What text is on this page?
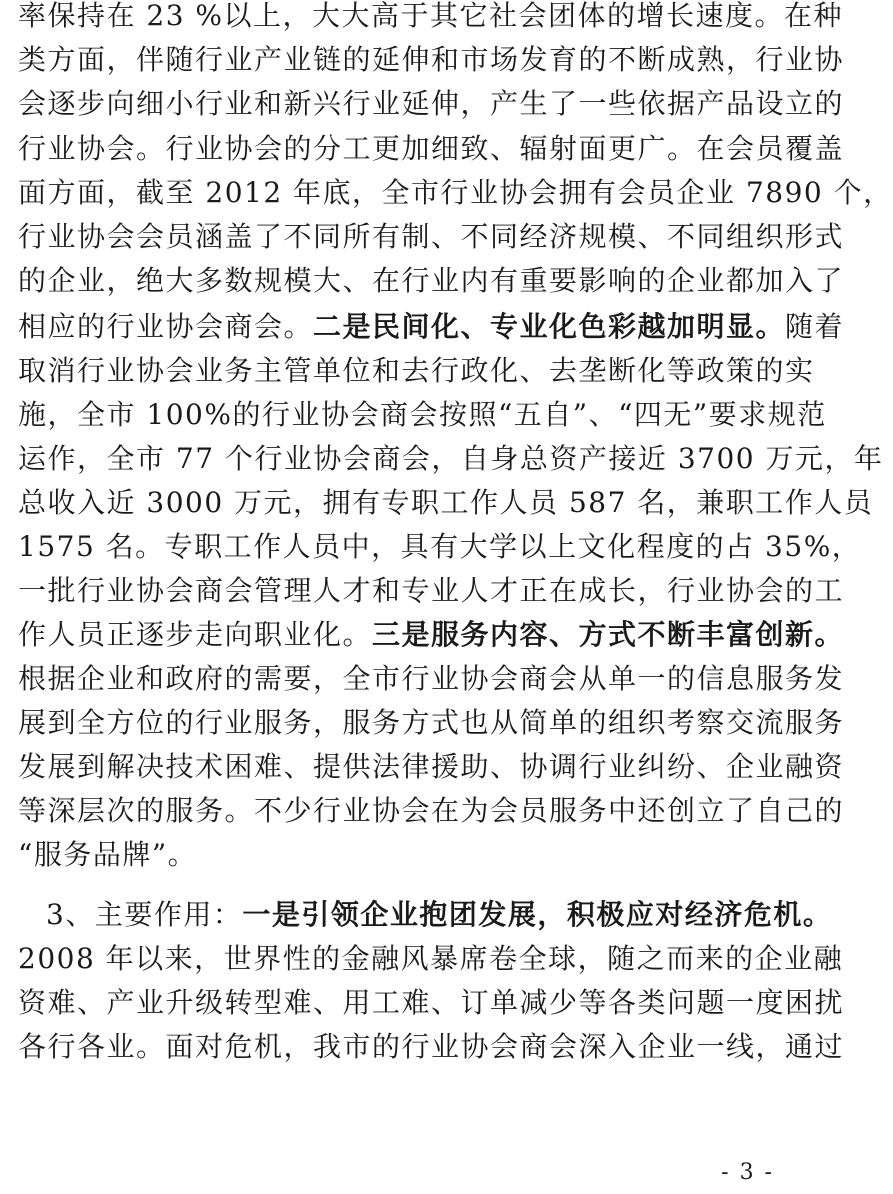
率保持在 23 %以上，大大高于其它社会团体的增长速度。在种
类方面，伴随行业产业链的延伸和市场发育的不断成熟，行业协
会逐步向细小行业和新兴行业延伸，产生了一些依据产品设立的
行业协会。行业协会的分工更加细致、辐射面更广。在会员覆盖
面方面，截至 2012 年底，全市行业协会拥有会员企业 7890 个，
行业协会会员涵盖了不同所有制、不同经济规模、不同组织形式
的企业，绝大多数规模大、在行业内有重要影响的企业都加入了
相应的行业协会商会。二是民间化、专业化色彩越加明显。随着
取消行业协会业务主管单位和去行政化、去垄断化等政策的实
施，全市 100%的行业协会商会按照“五自”、“四无”要求规范
运作，全市 77 个行业协会商会，自身总资产接近 3700 万元，年
总收入近 3000 万元，拥有专职工作人员 587 名，兼职工作人员
1575 名。专职工作人员中，具有大学以上文化程度的占 35%，
一批行业协会商会管理人才和专业人才正在成长，行业协会的工
作人员正逐步走向职业化。三是服务内容、方式不断丰富创新。
根据企业和政府的需要，全市行业协会商会从单一的信息服务发
展到全方位的行业服务，服务方式也从简单的组织考察交流服务
发展到解决技术困难、提供法律援助、协调行业纠纷、企业融资
等深层次的服务。不少行业协会在为会员服务中还创立了自己的
“服务品牌”。
3、主要作用：一是引领企业抱团发展，积极应对经济危机。
2008 年以来，世界性的金融风暴席卷全球，随之而来的企业融
资难、产业升级转型难、用工难、订单减少等各类问题一度困扰
各行各业。面对危机，我市的行业协会商会深入企业一线，通过
- 3 -
